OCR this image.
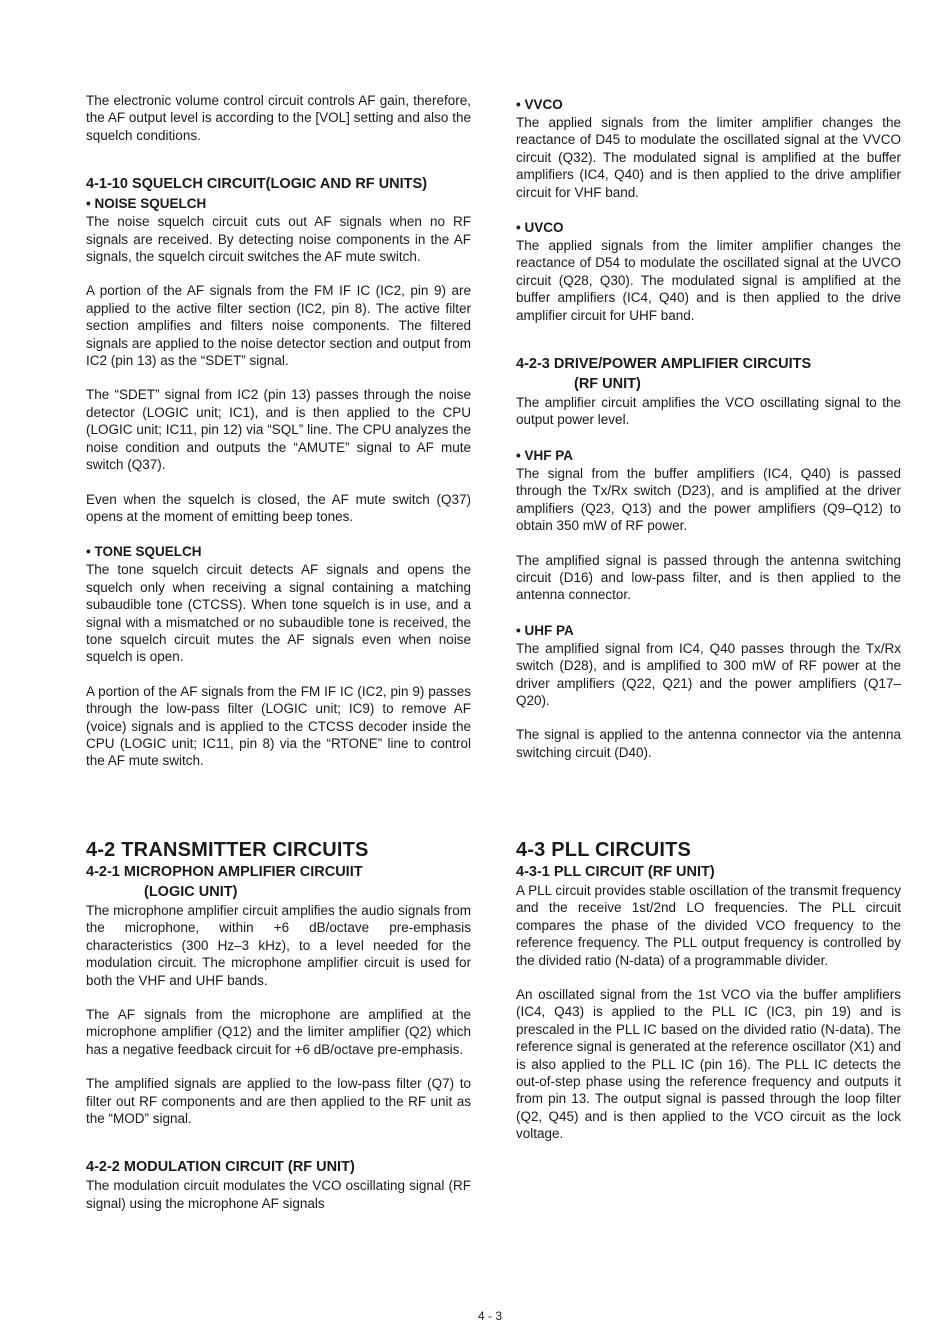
The electronic volume control circuit controls AF gain, therefore, the AF output level is according to the [VOL] setting and also the squelch conditions.

4-1-10 SQUELCH CIRCUIT(LOGIC AND RF UNITS)
• NOISE SQUELCH

The noise squelch circuit cuts out AF signals when no RF signals are received. By detecting noise components in the AF signals, the squelch circuit switches the AF mute switch.

A portion of the AF signals from the FM IF IC (IC2, pin 9) are applied to the active filter section (IC2, pin 8). The active filter section amplifies and filters noise components. The filtered signals are applied to the noise detector section and output from IC2 (pin 13) as the “SDET” signal.

The “SDET” signal from IC2 (pin 13) passes through the noise detector (LOGIC unit; IC1), and is then applied to the CPU (LOGIC unit; IC11, pin 12) via “SQL” line. The CPU analyzes the noise condition and outputs the “AMUTE” signal to AF mute switch (Q37).

Even when the squelch is closed, the AF mute switch (Q37) opens at the moment of emitting beep tones.

• TONE SQUELCH

The tone squelch circuit detects AF signals and opens the squelch only when receiving a signal containing a matching subaudible tone (CTCSS). When tone squelch is in use, and a signal with a mismatched or no subaudible tone is received, the tone squelch circuit mutes the AF signals even when noise squelch is open.

A portion of the AF signals from the FM IF IC (IC2, pin 9) passes through the low-pass filter (LOGIC unit; IC9) to remove AF (voice) signals and is applied to the CTCSS decoder inside the CPU (LOGIC unit; IC11, pin 8) via the “RTONE” line to control the AF mute switch.

• VVCO

The applied signals from the limiter amplifier changes the reactance of D45 to modulate the oscillated signal at the VVCO circuit (Q32). The modulated signal is amplified at the buffer amplifiers (IC4, Q40) and is then applied to the drive amplifier circuit for VHF band.

• UVCO

The applied signals from the limiter amplifier changes the reactance of D54 to modulate the oscillated signal at the UVCO circuit (Q28, Q30). The modulated signal is amplified at the buffer amplifiers (IC4, Q40) and is then applied to the drive amplifier circuit for UHF band.

4-2-3 DRIVE/POWER AMPLIFIER CIRCUITS
(RF UNIT)

The amplifier circuit amplifies the VCO oscillating signal to the output power level.

• VHF PA

The signal from the buffer amplifiers (IC4, Q40) is passed through the Tx/Rx switch (D23), and is amplified at the driver amplifiers (Q23, Q13) and the power amplifiers (Q9–Q12) to obtain 350 mW of RF power.

The amplified signal is passed through the antenna switching circuit (D16) and low-pass filter, and is then applied to the antenna connector.

• UHF PA

The amplified signal from IC4, Q40 passes through the Tx/Rx switch (D28), and is amplified to 300 mW of RF power at the driver amplifiers (Q22, Q21) and the power amplifiers (Q17–Q20).

The signal is applied to the antenna connector via the antenna switching circuit (D40).

4-2 TRANSMITTER CIRCUITS
4-2-1 MICROPHON AMPLIFIER CIRCUIIT
(LOGIC UNIT)

The microphone amplifier circuit amplifies the audio signals from the microphone, within +6 dB/octave pre-emphasis characteristics (300 Hz–3 kHz), to a level needed for the modulation circuit. The microphone amplifier circuit is used for both the VHF and UHF bands.

The AF signals from the microphone are amplified at the microphone amplifier (Q12) and the limiter amplifier (Q2) which has a negative feedback circuit for +6 dB/octave pre-emphasis.

The amplified signals are applied to the low-pass filter (Q7) to filter out RF components and are then applied to the RF unit as the “MOD” signal.

4-2-2 MODULATION CIRCUIT (RF UNIT)

The modulation circuit modulates the VCO oscillating signal (RF signal) using the microphone AF signals

4-3 PLL CIRCUITS
4-3-1 PLL CIRCUIT (RF UNIT)

A PLL circuit provides stable oscillation of the transmit frequency and the receive 1st/2nd LO frequencies. The PLL circuit compares the phase of the divided VCO frequency to the reference frequency. The PLL output frequency is controlled by the divided ratio (N-data) of a programmable divider.

An oscillated signal from the 1st VCO via the buffer amplifiers (IC4, Q43) is applied to the PLL IC (IC3, pin 19) and is prescaled in the PLL IC based on the divided ratio (N-data). The reference signal is generated at the reference oscillator (X1) and is also applied to the PLL IC (pin 16). The PLL IC detects the out-of-step phase using the reference frequency and outputs it from pin 13. The output signal is passed through the loop filter (Q2, Q45) and is then applied to the VCO circuit as the lock voltage.

4 - 3
